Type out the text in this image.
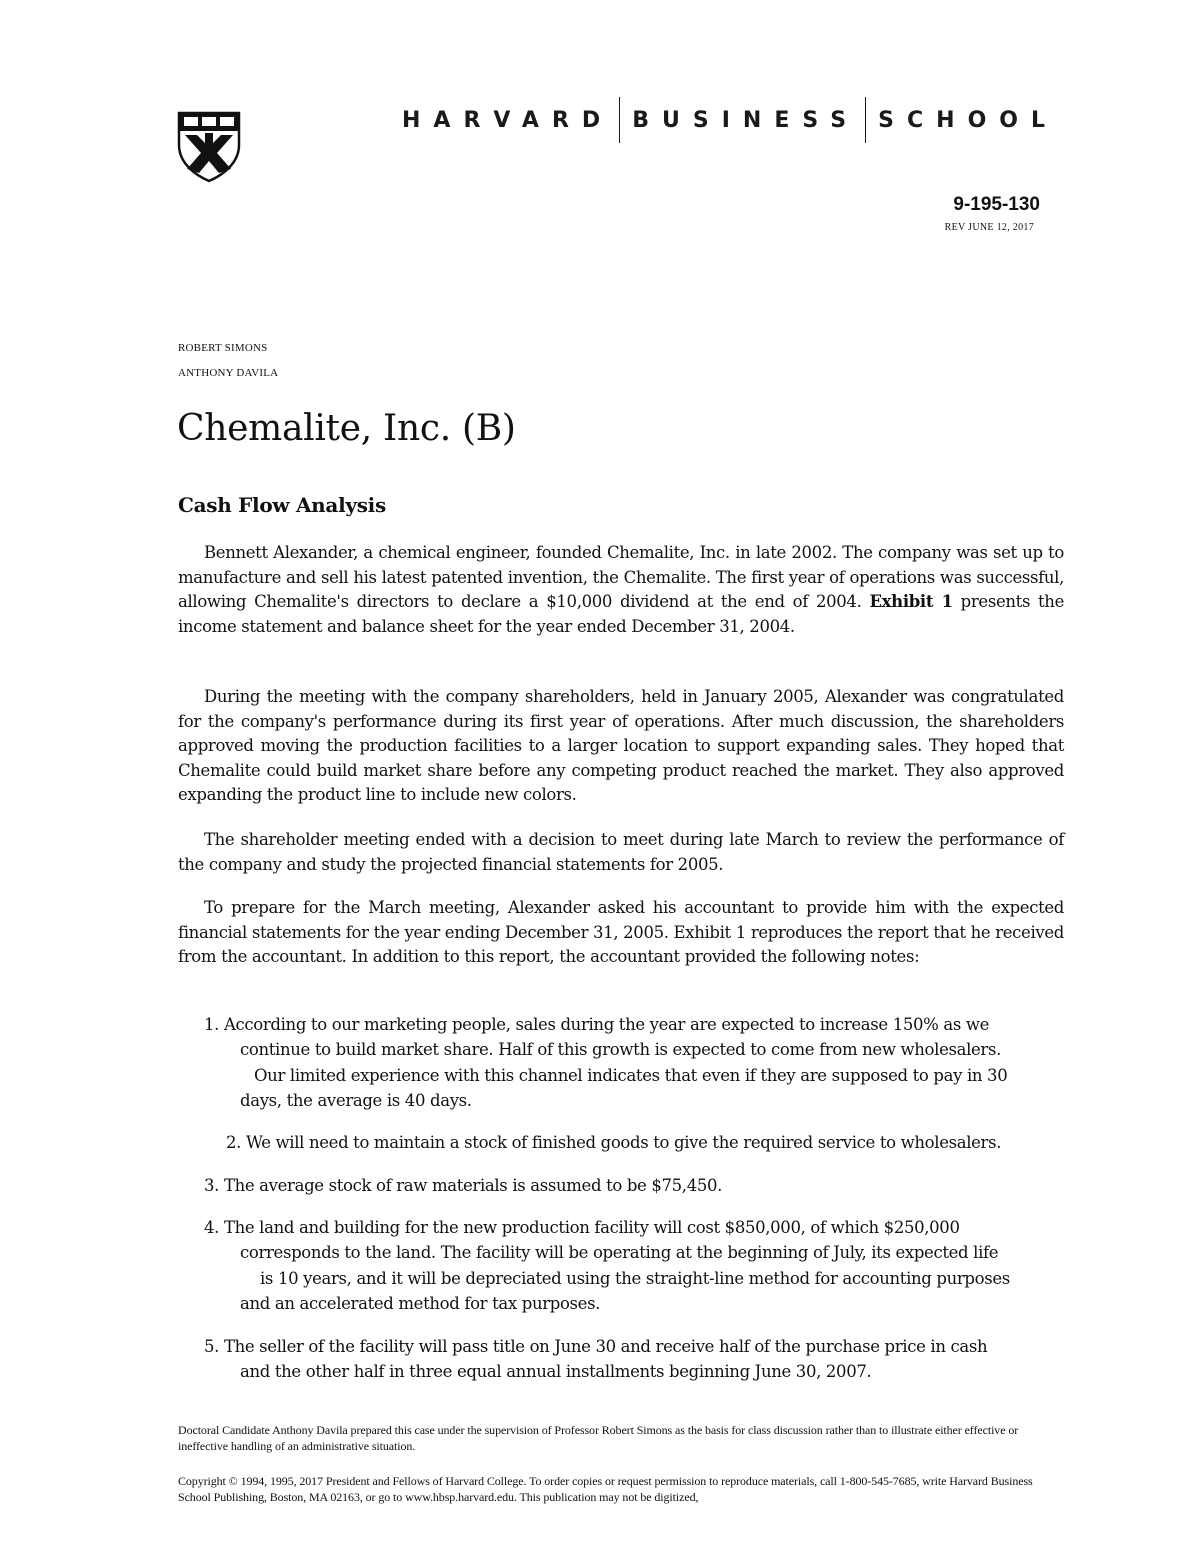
HARVARD BUSINESS SCHOOL
9-195-130
REV JUNE 12, 2017
ROBERT SIMONS
ANTHONY DAVILA
Chemalite, Inc. (B)
Cash Flow Analysis
Bennett Alexander, a chemical engineer, founded Chemalite, Inc. in late 2002. The company was set up to manufacture and sell his latest patented invention, the Chemalite. The first year of operations was successful, allowing Chemalite's directors to declare a $10,000 dividend at the end of 2004. Exhibit 1 presents the income statement and balance sheet for the year ended December 31, 2004.
During the meeting with the company shareholders, held in January 2005, Alexander was congratulated for the company's performance during its first year of operations. After much discussion, the shareholders approved moving the production facilities to a larger location to support expanding sales. They hoped that Chemalite could build market share before any competing product reached the market. They also approved expanding the product line to include new colors.
The shareholder meeting ended with a decision to meet during late March to review the performance of the company and study the projected financial statements for 2005.
To prepare for the March meeting, Alexander asked his accountant to provide him with the expected financial statements for the year ending December 31, 2005. Exhibit 1 reproduces the report that he received from the accountant. In addition to this report, the accountant provided the following notes:
1. According to our marketing people, sales during the year are expected to increase 150% as we
continue to build market share. Half of this growth is expected to come from new wholesalers.
Our limited experience with this channel indicates that even if they are supposed to pay in 30
days, the average is 40 days.
2. We will need to maintain a stock of finished goods to give the required service to wholesalers.
3. The average stock of raw materials is assumed to be $75,450.
4. The land and building for the new production facility will cost $850,000, of which $250,000
corresponds to the land. The facility will be operating at the beginning of July, its expected life
is 10 years, and it will be depreciated using the straight-line method for accounting purposes
and an accelerated method for tax purposes.
5. The seller of the facility will pass title on June 30 and receive half of the purchase price in cash
and the other half in three equal annual installments beginning June 30, 2007.
Doctoral Candidate Anthony Davila prepared this case under the supervision of Professor Robert Simons as the basis for class discussion rather than to illustrate either effective or ineffective handling of an administrative situation.
Copyright © 1994, 1995, 2017 President and Fellows of Harvard College. To order copies or request permission to reproduce materials, call 1-800-545-7685, write Harvard Business School Publishing, Boston, MA 02163, or go to www.hbsp.harvard.edu. This publication may not be digitized,
